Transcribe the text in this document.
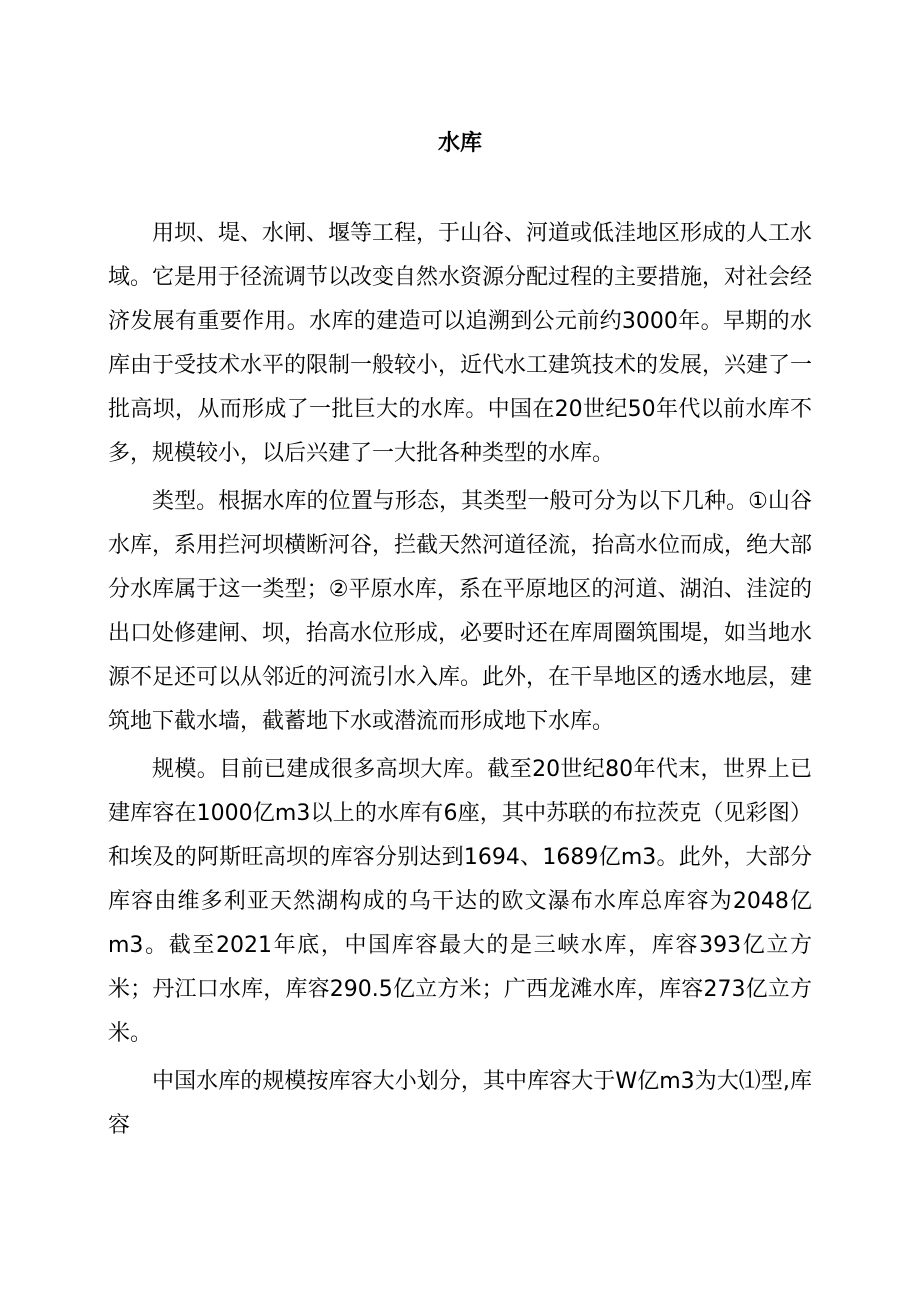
水库

用坝、堤、水闸、堰等工程，于山谷、河道或低洼地区形成的人工水域。它是用于径流调节以改变自然水资源分配过程的主要措施，对社会经济发展有重要作用。水库的建造可以追溯到公元前约3000年。早期的水库由于受技术水平的限制一般较小，近代水工建筑技术的发展，兴建了一批高坝，从而形成了一批巨大的水库。中国在20世纪50年代以前水库不多，规模较小，以后兴建了一大批各种类型的水库。

类型。根据水库的位置与形态，其类型一般可分为以下几种。①山谷水库，系用拦河坝横断河谷，拦截天然河道径流，抬高水位而成，绝大部分水库属于这一类型；②平原水库，系在平原地区的河道、湖泊、洼淀的出口处修建闸、坝，抬高水位形成，必要时还在库周圈筑围堤，如当地水源不足还可以从邻近的河流引水入库。此外，在干旱地区的透水地层，建筑地下截水墙，截蓄地下水或潜流而形成地下水库。

规模。目前已建成很多高坝大库。截至20世纪80年代末，世界上已建库容在1000亿m3以上的水库有6座，其中苏联的布拉茨克（见彩图）和埃及的阿斯旺高坝的库容分别达到1694、1689亿m3。此外，大部分库容由维多利亚天然湖构成的乌干达的欧文瀑布水库总库容为2048亿m3。截至2021年底，中国库容最大的是三峡水库，库容393亿立方米；丹江口水库，库容290.5亿立方米；广西龙滩水库，库容273亿立方米。

中国水库的规模按库容大小划分，其中库容大于W亿m3为大⑴型,库容
